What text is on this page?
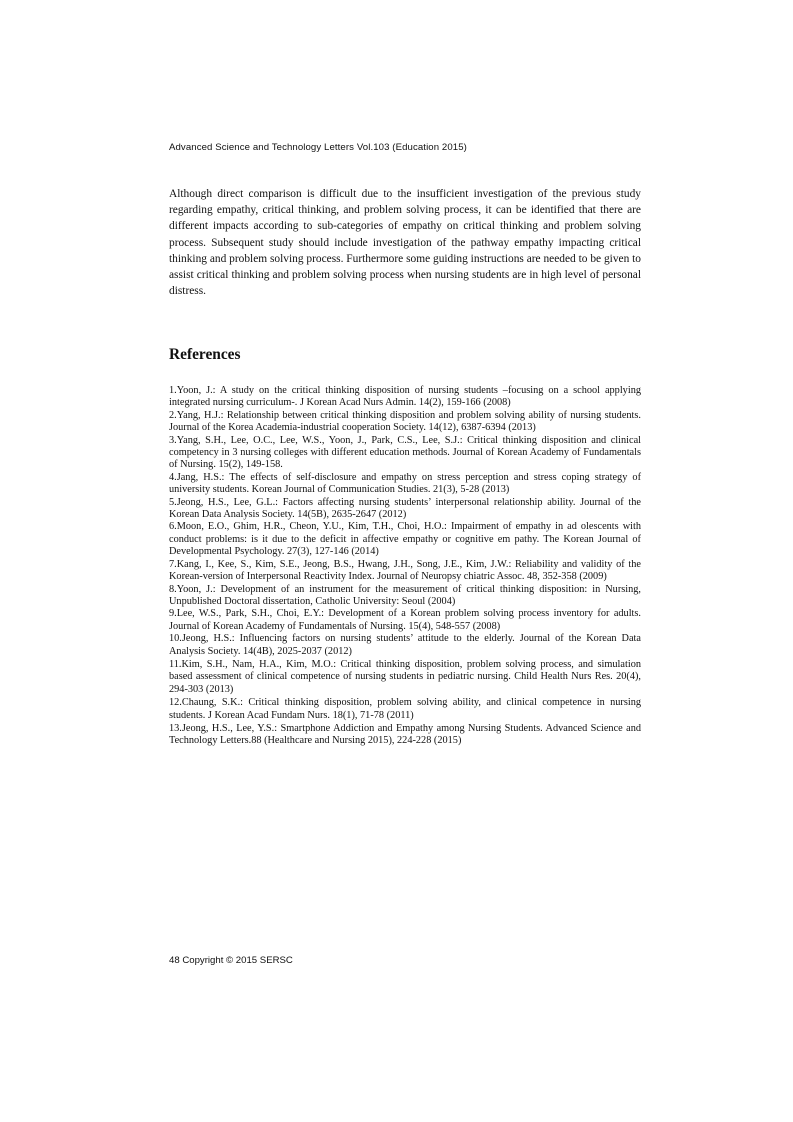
Advanced Science and Technology Letters Vol.103 (Education 2015)

Although direct comparison is difficult due to the insufficient investigation of the previous study regarding empathy, critical thinking, and problem solving process, it can be identified that there are different impacts according to sub-categories of empathy on critical thinking and problem solving process. Subsequent study should include investigation of the pathway empathy impacting critical thinking and problem solving process. Furthermore some guiding instructions are needed to be given to assist critical thinking and problem solving process when nursing students are in high level of personal distress.

References
1.Yoon, J.: A study on the critical thinking disposition of nursing students –focusing on a school applying integrated nursing curriculum-. J Korean Acad Nurs Admin. 14(2), 159-166 (2008)
2.Yang, H.J.: Relationship between critical thinking disposition and problem solving ability of nursing students. Journal of the Korea Academia-industrial cooperation Society. 14(12), 6387-6394 (2013)
3.Yang, S.H., Lee, O.C., Lee, W.S., Yoon, J., Park, C.S., Lee, S.J.: Critical thinking disposition and clinical competency in 3 nursing colleges with different education methods. Journal of Korean Academy of Fundamentals of Nursing. 15(2), 149-158.
4.Jang, H.S.: The effects of self-disclosure and empathy on stress perception and stress coping strategy of university students. Korean Journal of Communication Studies. 21(3), 5-28 (2013)
5.Jeong, H.S., Lee, G.L.: Factors affecting nursing students’ interpersonal relationship ability. Journal of the Korean Data Analysis Society. 14(5B), 2635-2647 (2012)
6.Moon, E.O., Ghim, H.R., Cheon, Y.U., Kim, T.H., Choi, H.O.: Impairment of empathy in ad olescents with conduct problems: is it due to the deficit in affective empathy or cognitive em pathy. The Korean Journal of Developmental Psychology. 27(3), 127-146 (2014)
7.Kang, I., Kee, S., Kim, S.E., Jeong, B.S., Hwang, J.H., Song, J.E., Kim, J.W.: Reliability and validity of the Korean-version of Interpersonal Reactivity Index. Journal of Neuropsy chiatric Assoc. 48, 352-358 (2009)
8.Yoon, J.: Development of an instrument for the measurement of critical thinking disposition: in Nursing, Unpublished Doctoral dissertation, Catholic University: Seoul (2004)
9.Lee, W.S., Park, S.H., Choi, E.Y.: Development of a Korean problem solving process inventory for adults. Journal of Korean Academy of Fundamentals of Nursing. 15(4), 548-557 (2008)
10.Jeong, H.S.: Influencing factors on nursing students’ attitude to the elderly. Journal of the Korean Data Analysis Society. 14(4B), 2025-2037 (2012)
11.Kim, S.H., Nam, H.A., Kim, M.O.: Critical thinking disposition, problem solving process, and simulation based assessment of clinical competence of nursing students in pediatric nursing. Child Health Nurs Res. 20(4), 294-303 (2013)
12.Chaung, S.K.: Critical thinking disposition, problem solving ability, and clinical competence in nursing students. J Korean Acad Fundam Nurs. 18(1), 71-78 (2011)
13.Jeong, H.S., Lee, Y.S.: Smartphone Addiction and Empathy among Nursing Students. Advanced Science and Technology Letters.88 (Healthcare and Nursing 2015), 224-228 (2015)
48 Copyright © 2015 SERSC
